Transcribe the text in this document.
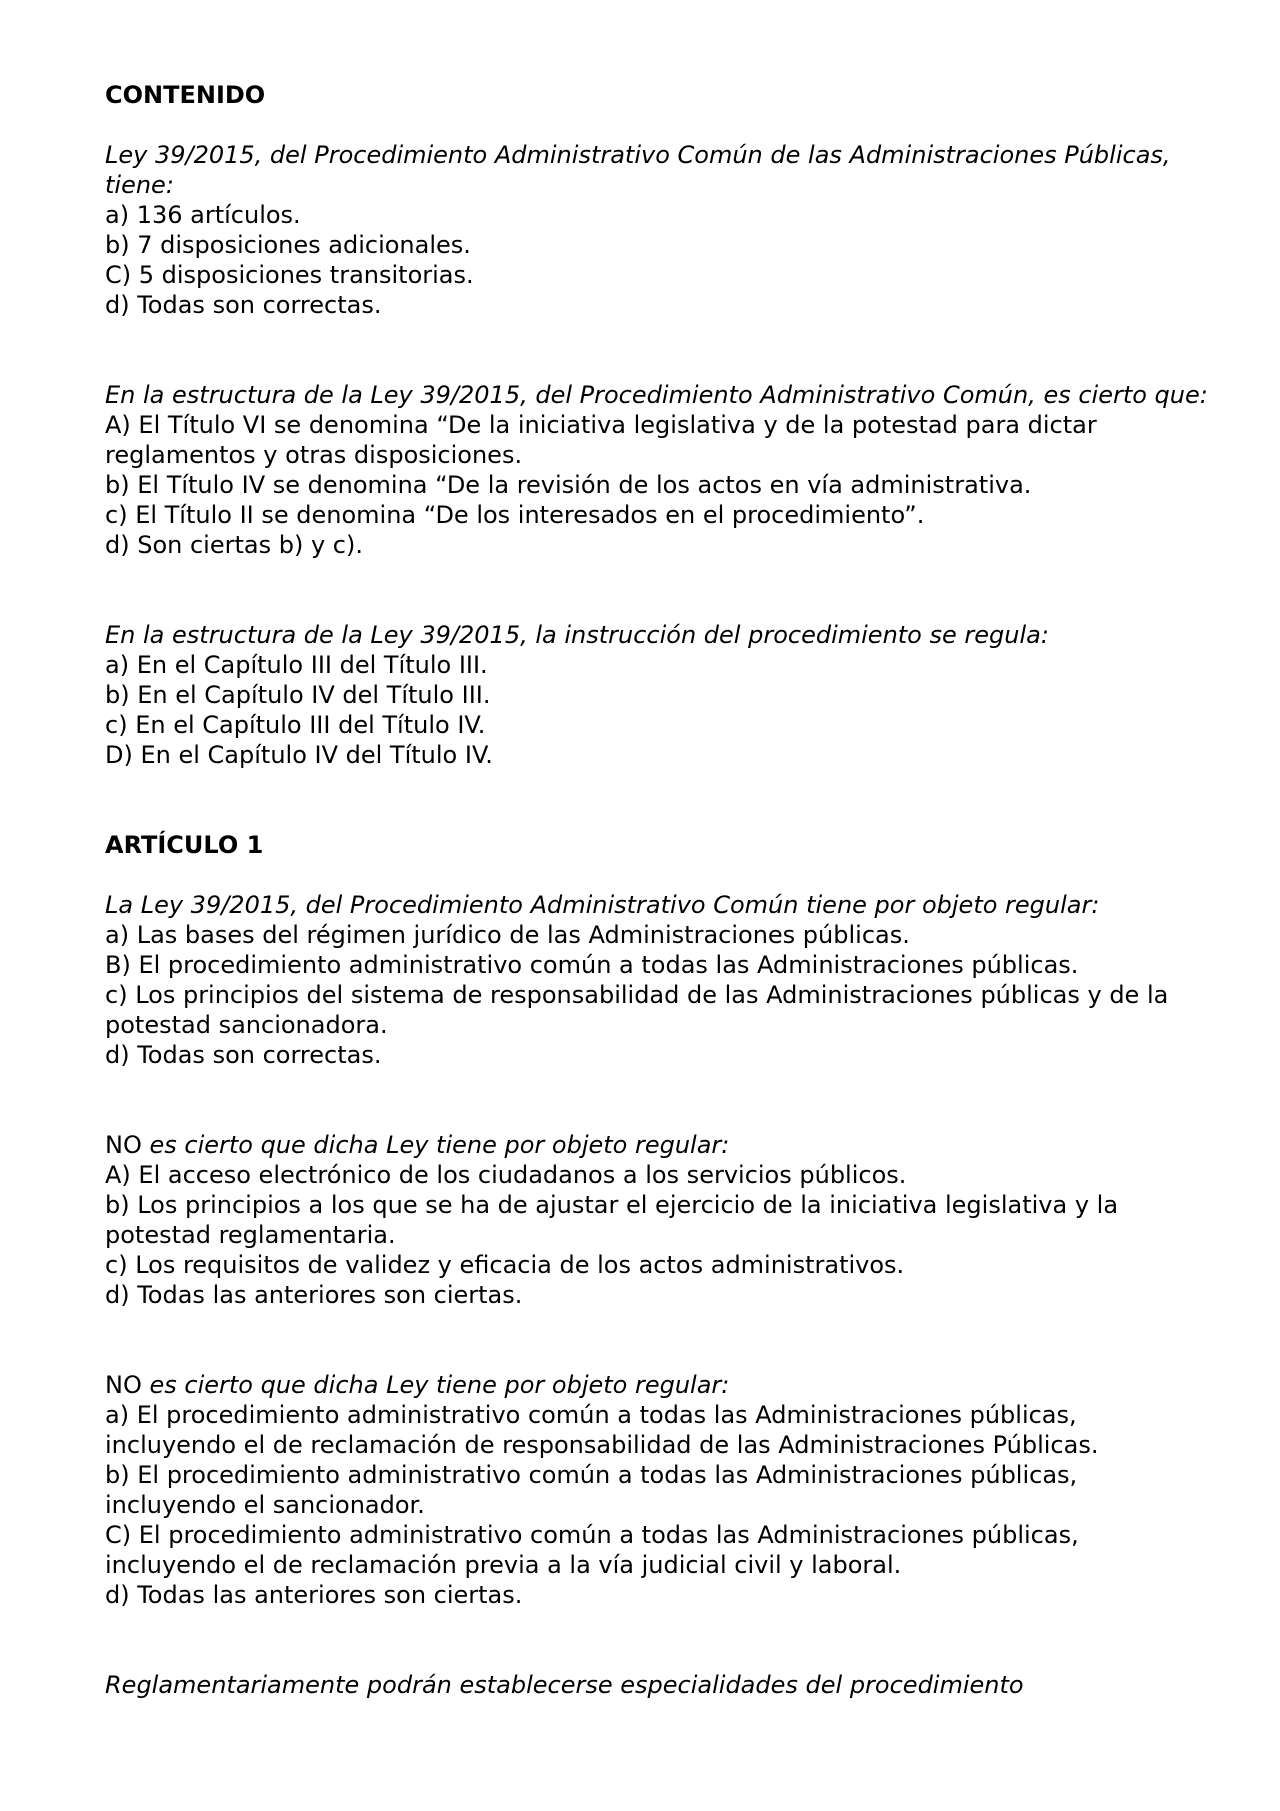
CONTENIDO
Ley 39/2015, del Procedimiento Administrativo Común de las Administraciones Públicas, tiene:
a) 136 artículos.
b) 7 disposiciones adicionales.
C) 5 disposiciones transitorias.
d) Todas son correctas.
En la estructura de la Ley 39/2015, del Procedimiento Administrativo Común, es cierto que:
A) El Título VI se denomina “De la iniciativa legislativa y de la potestad para dictar reglamentos y otras disposiciones.
b) El Título IV se denomina “De la revisión de los actos en vía administrativa.
c) El Título II se denomina “De los interesados en el procedimiento”.
d) Son ciertas b) y c).
En la estructura de la Ley 39/2015, la instrucción del procedimiento se regula:
a) En el Capítulo III del Título III.
b) En el Capítulo IV del Título III.
c) En el Capítulo III del Título IV.
D) En el Capítulo IV del Título IV.
ARTÍCULO 1
La Ley 39/2015, del Procedimiento Administrativo Común tiene por objeto regular:
a) Las bases del régimen jurídico de las Administraciones públicas.
B) El procedimiento administrativo común a todas las Administraciones públicas.
c) Los principios del sistema de responsabilidad de las Administraciones públicas y de la potestad sancionadora.
d) Todas son correctas.
NO es cierto que dicha Ley tiene por objeto regular:
A) El acceso electrónico de los ciudadanos a los servicios públicos.
b) Los principios a los que se ha de ajustar el ejercicio de la iniciativa legislativa y la potestad reglamentaria.
c) Los requisitos de validez y eficacia de los actos administrativos.
d) Todas las anteriores son ciertas.
NO es cierto que dicha Ley tiene por objeto regular:
a) El procedimiento administrativo común a todas las Administraciones públicas, incluyendo el de reclamación de responsabilidad de las Administraciones Públicas.
b) El procedimiento administrativo común a todas las Administraciones públicas, incluyendo el sancionador.
C) El procedimiento administrativo común a todas las Administraciones públicas, incluyendo el de reclamación previa a la vía judicial civil y laboral.
d) Todas las anteriores son ciertas.
Reglamentariamente podrán establecerse especialidades del procedimiento
